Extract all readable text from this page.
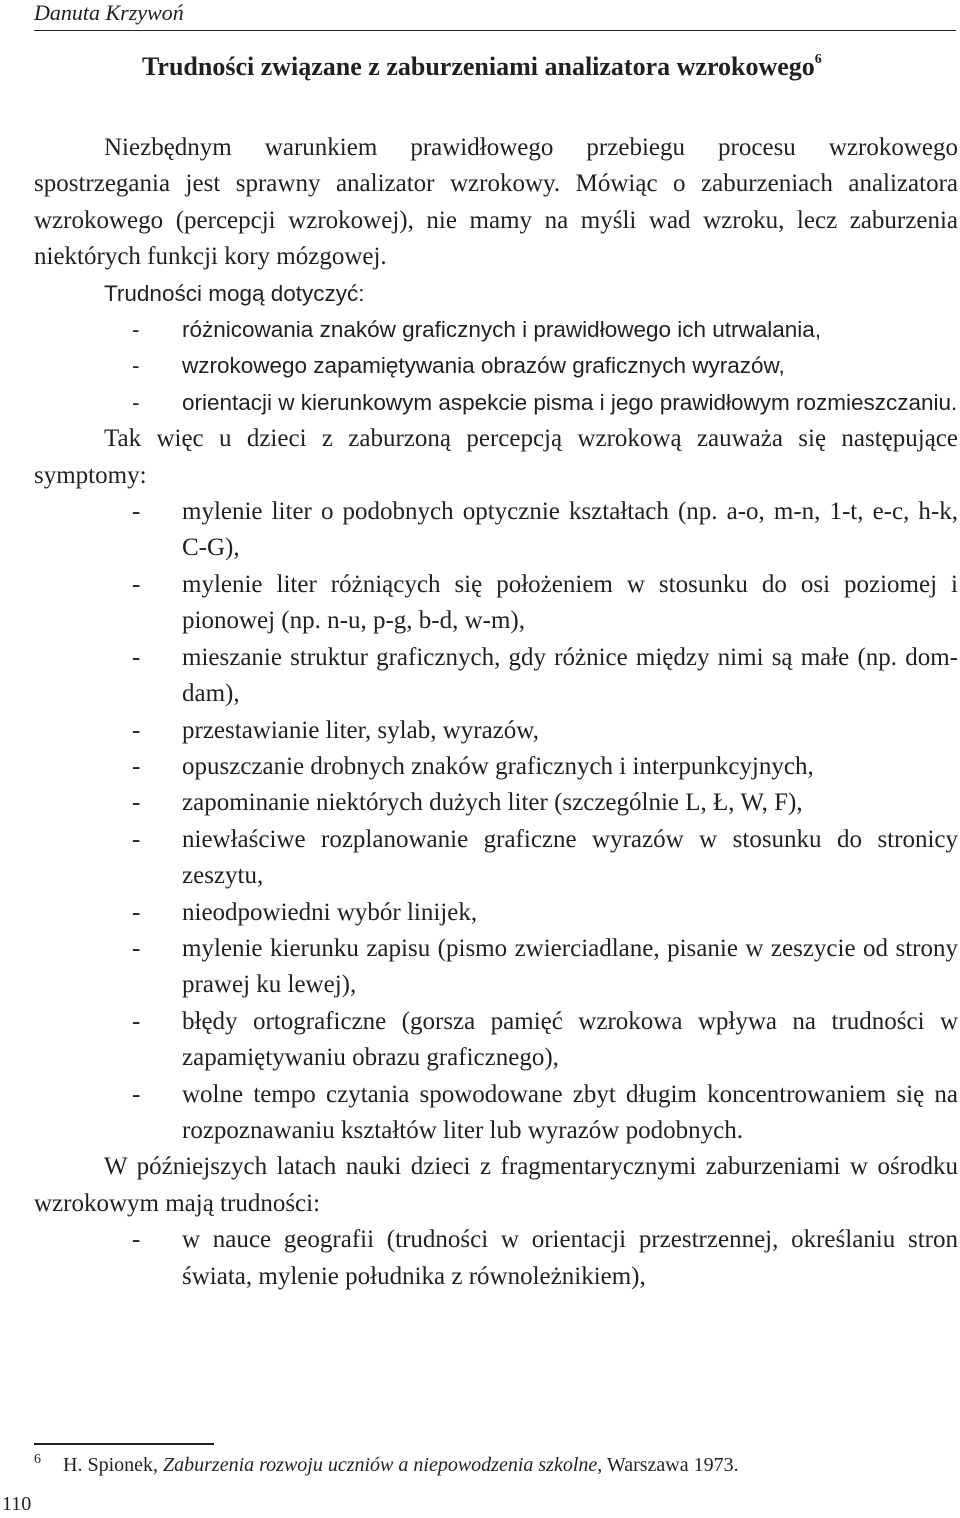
Danuta Krzywoń
Trudności związane z zaburzeniami analizatora wzrokowego$^6$

Niezbędnym warunkiem prawidłowego przebiegu procesu wzrokowego spostrzegania jest sprawny analizator wzrokowy. Mówiąc o zaburzeniach analizatora wzrokowego (percepcji wzrokowej), nie mamy na myśli wad wzroku, lecz zaburzenia niektórych funkcji kory mózgowej.

Trudności mogą dotyczyć:

- różnicowania znaków graficznych i prawidłowego ich utrwalania,
- wzrokowego zapamiętywania obrazów graficznych wyrazów,
- orientacji w kierunkowym aspekcie pisma i jego prawidłowym rozmieszczaniu.

Tak więc u dzieci z zaburzoną percepcją wzrokową zauważa się następujące symptomy:

- mylenie liter o podobnych optycznie kształtach (np. a-o, m-n, 1-t, e-c, h-k, C-G),
- mylenie liter różniących się położeniem w stosunku do osi poziomej i pionowej (np. n-u, p-g, b-d, w-m),
- mieszanie struktur graficznych, gdy różnice między nimi są małe (np. dom-dam),
- przestawianie liter, sylab, wyrazów,
- opuszczanie drobnych znaków graficznych i interpunkcyjnych,
- zapominanie niektórych dużych liter (szczególnie L, Ł, W, F),
- niewłaściwe rozplanowanie graficzne wyrazów w stosunku do stronicy zeszytu,
- nieodpowiedni wybór linijek,
- mylenie kierunku zapisu (pismo zwierciadlane, pisanie w zeszycie od strony prawej ku lewej),
- błędy ortograficzne (gorsza pamięć wzrokowa wpływa na trudności w zapamiętywaniu obrazu graficznego),
- wolne tempo czytania spowodowane zbyt długim koncentrowaniem się na rozpoznawaniu kształtów liter lub wyrazów podobnych.

W późniejszych latach nauki dzieci z fragmentarycznymi zaburzeniami w ośrodku wzrokowym mają trudności:

- w nauce geografii (trudności w orientacji przestrzennej, określaniu stron świata, mylenie południka z równoleżnikiem),
$^6$ H. Spionek, Zaburzenia rozwoju uczniów a niepowodzenia szkolne, Warszawa 1973.
110
